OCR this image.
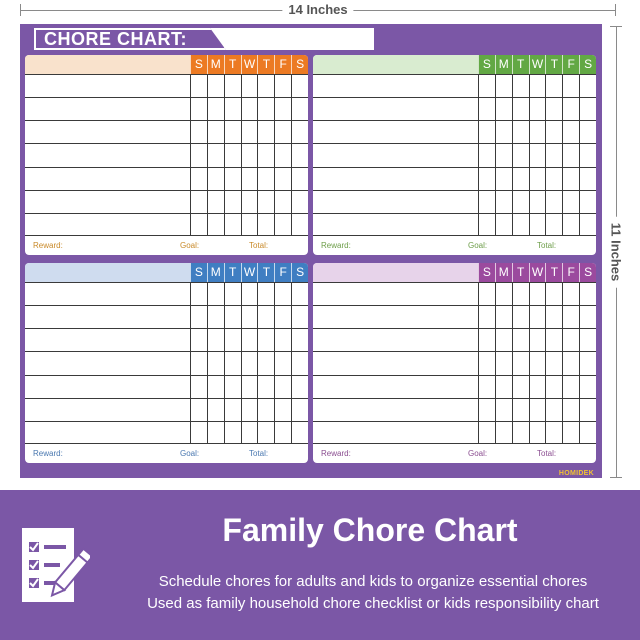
14 Inches
11 Inches
CHORE CHART:
S M T W T F S
Reward:	Goal:	Total:
S M T W T F S
Reward:	Goal:	Total:
S M T W T F S
Reward:	Goal:	Total:
S M T W T F S
Reward:	Goal:	Total:
HOMIDEK
Family Chore Chart
Schedule chores for adults and kids to organize essential chores
Used as family household chore checklist or kids responsibility chart
